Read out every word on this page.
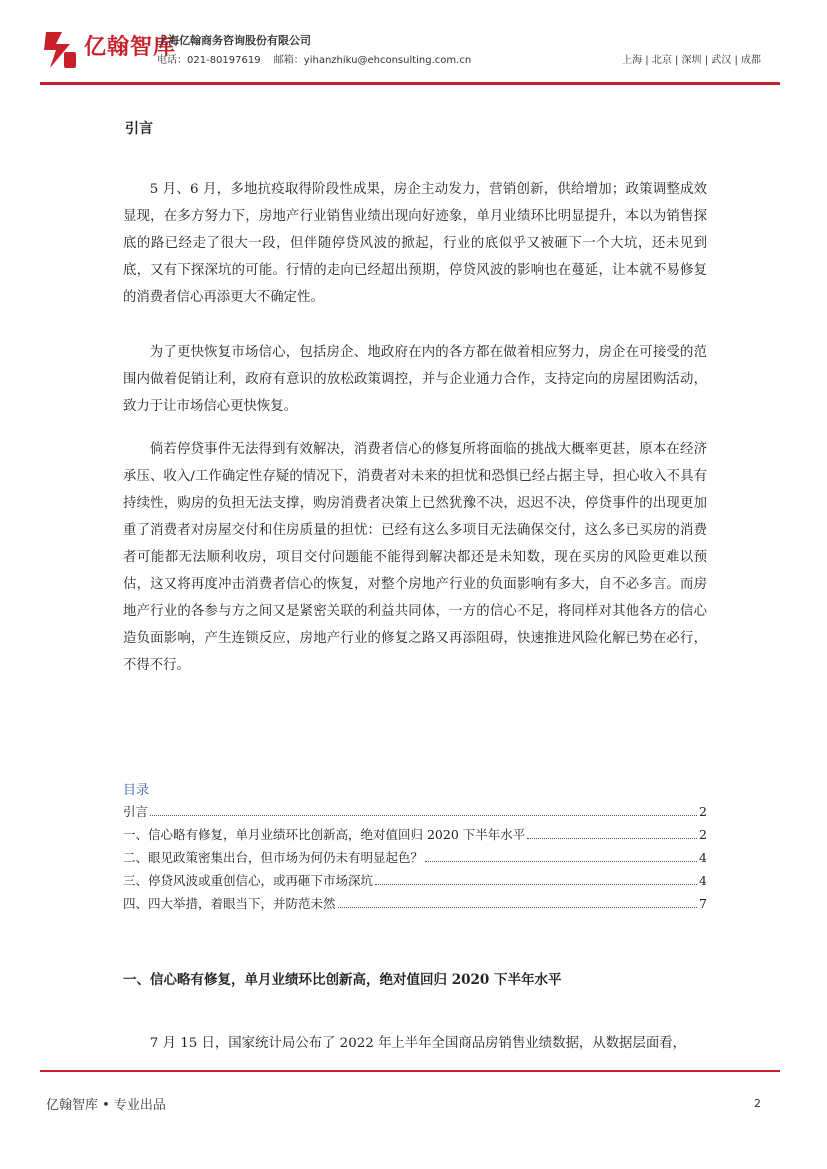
亿翰智库
上海亿翰商务咨询股份有限公司
电话：021-80197619 邮箱：yihanzhiku@ehconsulting.com.cn	上海 | 北京 | 深圳 | 武汉 | 成都
引言

5 月、6 月，多地抗疫取得阶段性成果，房企主动发力，营销创新，供给增加；政策调整成效显现，在多方努力下，房地产行业销售业绩出现向好迹象，单月业绩环比明显提升，本以为销售探底的路已经走了很大一段，但伴随停贷风波的掀起，行业的底似乎又被砸下一个大坑，还未见到底，又有下探深坑的可能。行情的走向已经超出预期，停贷风波的影响也在蔓延，让本就不易修复的消费者信心再添更大不确定性。

为了更快恢复市场信心，包括房企、地政府在内的各方都在做着相应努力，房企在可接受的范围内做着促销让利，政府有意识的放松政策调控，并与企业通力合作，支持定向的房屋团购活动，致力于让市场信心更快恢复。

倘若停贷事件无法得到有效解决，消费者信心的修复所将面临的挑战大概率更甚，原本在经济承压、收入/工作确定性存疑的情况下，消费者对未来的担忧和恐惧已经占据主导，担心收入不具有持续性，购房的负担无法支撑，购房消费者决策上已然犹豫不决，迟迟不决，停贷事件的出现更加重了消费者对房屋交付和住房质量的担忧：已经有这么多项目无法确保交付，这么多已买房的消费者可能都无法顺利收房，项目交付问题能不能得到解决都还是未知数，现在买房的风险更难以预估，这又将再度冲击消费者信心的恢复，对整个房地产行业的负面影响有多大，自不必多言。而房地产行业的各参与方之间又是紧密关联的利益共同体，一方的信心不足，将同样对其他各方的信心造负面影响，产生连锁反应，房地产行业的修复之路又再添阻碍，快速推进风险化解已势在必行，不得不行。

目录
引言	2
一、信心略有修复，单月业绩环比创新高，绝对值回归 2020 下半年水平	2
二、眼见政策密集出台，但市场为何仍未有明显起色？	4
三、停贷风波或重创信心，或再砸下市场深坑	4
四、四大举措，着眼当下，并防范未然	7
一、信心略有修复，单月业绩环比创新高，绝对值回归 2020 下半年水平

7 月 15 日，国家统计局公布了 2022 年上半年全国商品房销售业绩数据，从数据层面看，

亿翰智库 • 专业出品	2
